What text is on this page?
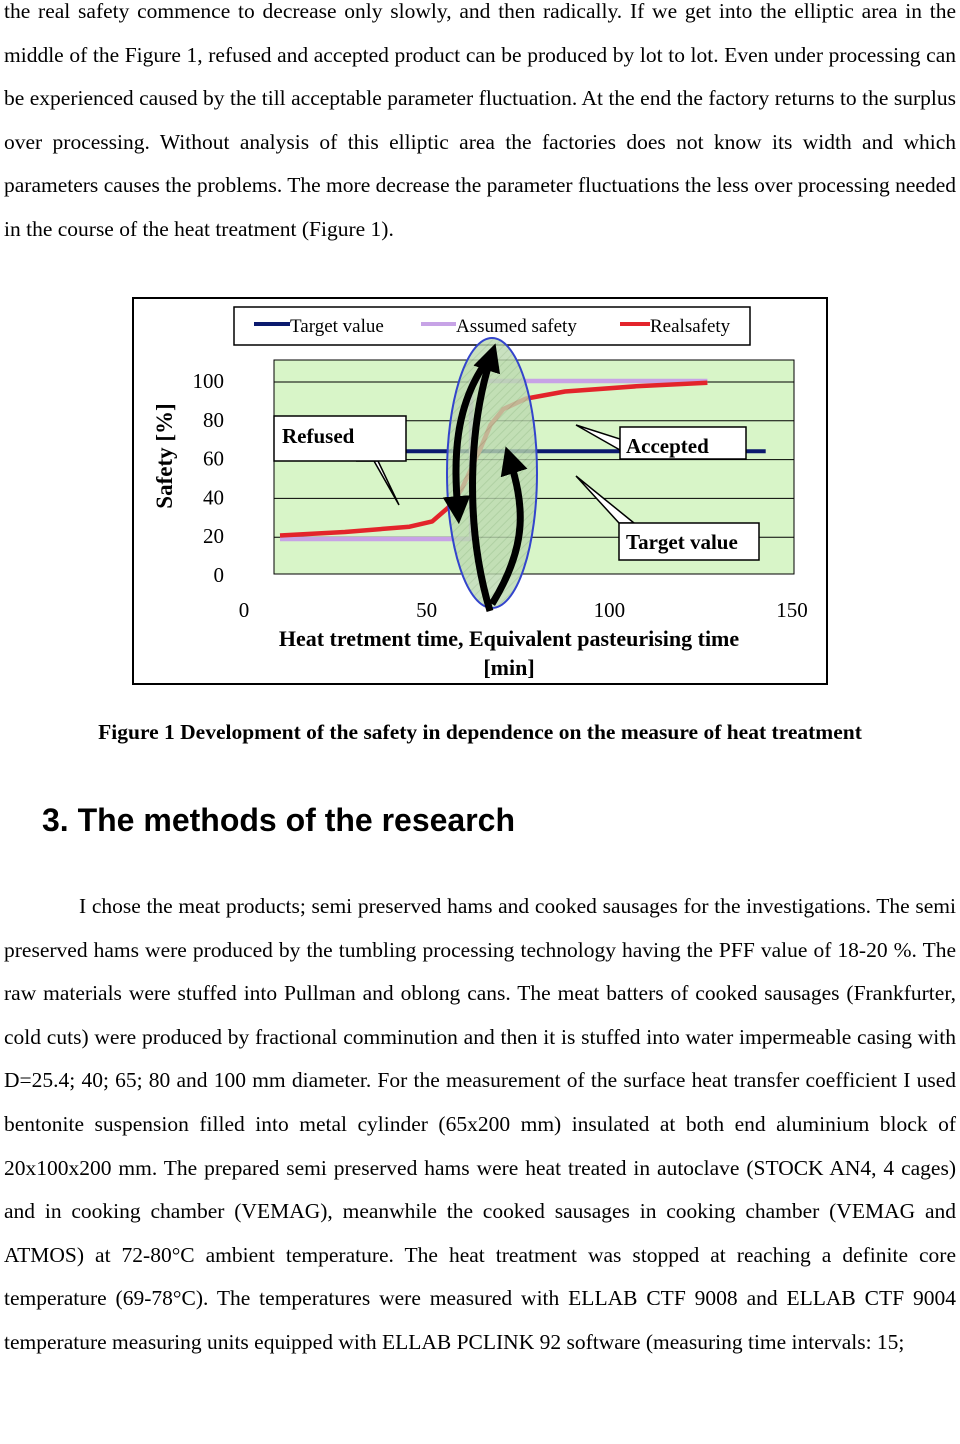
the real safety commence to decrease only slowly, and then radically. If we get into the elliptic area in the middle of the Figure 1, refused and accepted product can be produced by lot to lot. Even under processing can be experienced caused by the till acceptable parameter fluctuation. At the end the factory returns to the surplus over processing. Without analysis of this elliptic area the factories does not know its width and which parameters causes the problems. The more decrease the parameter fluctuations the less over processing needed in the course of the heat treatment (Figure 1).

Target value	Assumed safety	Realsafety
Safety [%]
0
20
40
60
80
100
0	50	100	150
Refused	Accepted
Target value
Heat tretment time, Equivalent pasteurising time
[min]
Figure 1 Development of the safety in dependence on the measure of heat treatment
3. The methods of the research

I chose the meat products; semi preserved hams and cooked sausages for the investigations. The semi preserved hams were produced by the tumbling processing technology having the PFF value of 18-20 %. The raw materials were stuffed into Pullman and oblong cans. The meat batters of cooked sausages (Frankfurter, cold cuts) were produced by fractional comminution and then it is stuffed into water impermeable casing with D=25.4; 40; 65; 80 and 100 mm diameter. For the measurement of the surface heat transfer coefficient I used bentonite suspension filled into metal cylinder (65x200 mm) insulated at both end aluminium block of 20x100x200 mm. The prepared semi preserved hams were heat treated in autoclave (STOCK AN4, 4 cages) and in cooking chamber (VEMAG), meanwhile the cooked sausages in cooking chamber (VEMAG and ATMOS) at 72-80°C ambient temperature. The heat treatment was stopped at reaching a definite core temperature (69-78°C). The temperatures were measured with ELLAB CTF 9008 and ELLAB CTF 9004 temperature measuring units equipped with ELLAB PCLINK 92 software (measuring time intervals: 15;
